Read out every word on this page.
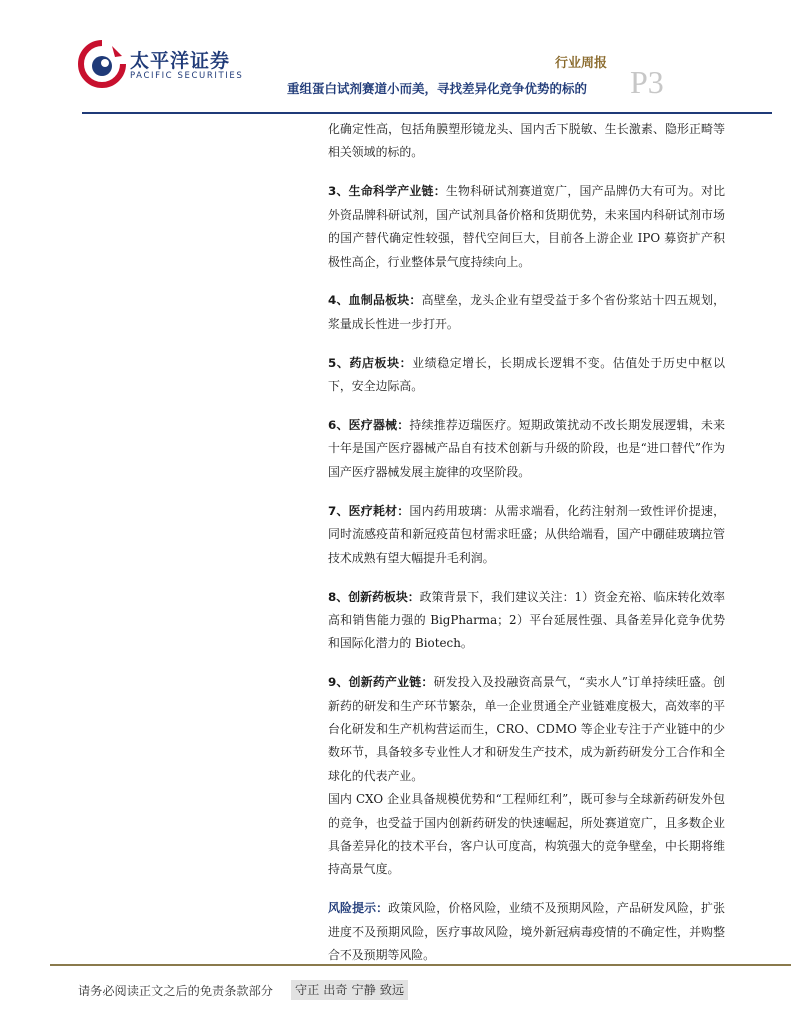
太平洋证券
PACIFIC SECURITIES
行业周报
P3
重组蛋白试剂赛道小而美，寻找差异化竞争优势的标的

化确定性高，包括角膜塑形镜龙头、国内舌下脱敏、生长激素、隐形正畸等相关领域的标的。

3、生命科学产业链：生物科研试剂赛道宽广，国产品牌仍大有可为。对比外资品牌科研试剂，国产试剂具备价格和货期优势，未来国内科研试剂市场的国产替代确定性较强，替代空间巨大，目前各上游企业 IPO 募资扩产积极性高企，行业整体景气度持续向上。

4、血制品板块：高壁垒，龙头企业有望受益于多个省份浆站十四五规划，浆量成长性进一步打开。

5、药店板块：业绩稳定增长，长期成长逻辑不变。估值处于历史中枢以下，安全边际高。

6、医疗器械：持续推荐迈瑞医疗。短期政策扰动不改长期发展逻辑，未来十年是国产医疗器械产品自有技术创新与升级的阶段，也是“进口替代”作为国产医疗器械发展主旋律的攻坚阶段。

7、医疗耗材：国内药用玻璃：从需求端看，化药注射剂一致性评价提速，同时流感疫苗和新冠疫苗包材需求旺盛；从供给端看，国产中硼硅玻璃拉管技术成熟有望大幅提升毛利润。

8、创新药板块：政策背景下，我们建议关注：1）资金充裕、临床转化效率高和销售能力强的 BigPharma；2）平台延展性强、具备差异化竞争优势和国际化潜力的 Biotech。

9、创新药产业链：研发投入及投融资高景气，“卖水人”订单持续旺盛。创新药的研发和生产环节繁杂，单一企业贯通全产业链难度极大，高效率的平台化研发和生产机构营运而生，CRO、CDMO 等企业专注于产业链中的少数环节，具备较多专业性人才和研发生产技术，成为新药研发分工合作和全球化的代表产业。

国内 CXO 企业具备规模优势和“工程师红利”，既可参与全球新药研发外包的竞争，也受益于国内创新药研发的快速崛起，所处赛道宽广，且多数企业具备差异化的技术平台，客户认可度高，构筑强大的竞争壁垒，中长期将维持高景气度。

风险提示：政策风险，价格风险，业绩不及预期风险，产品研发风险，扩张进度不及预期风险，医疗事故风险，境外新冠病毒疫情的不确定性，并购整合不及预期等风险。

请务必阅读正文之后的免责条款部分	守正 出奇 宁静 致远
